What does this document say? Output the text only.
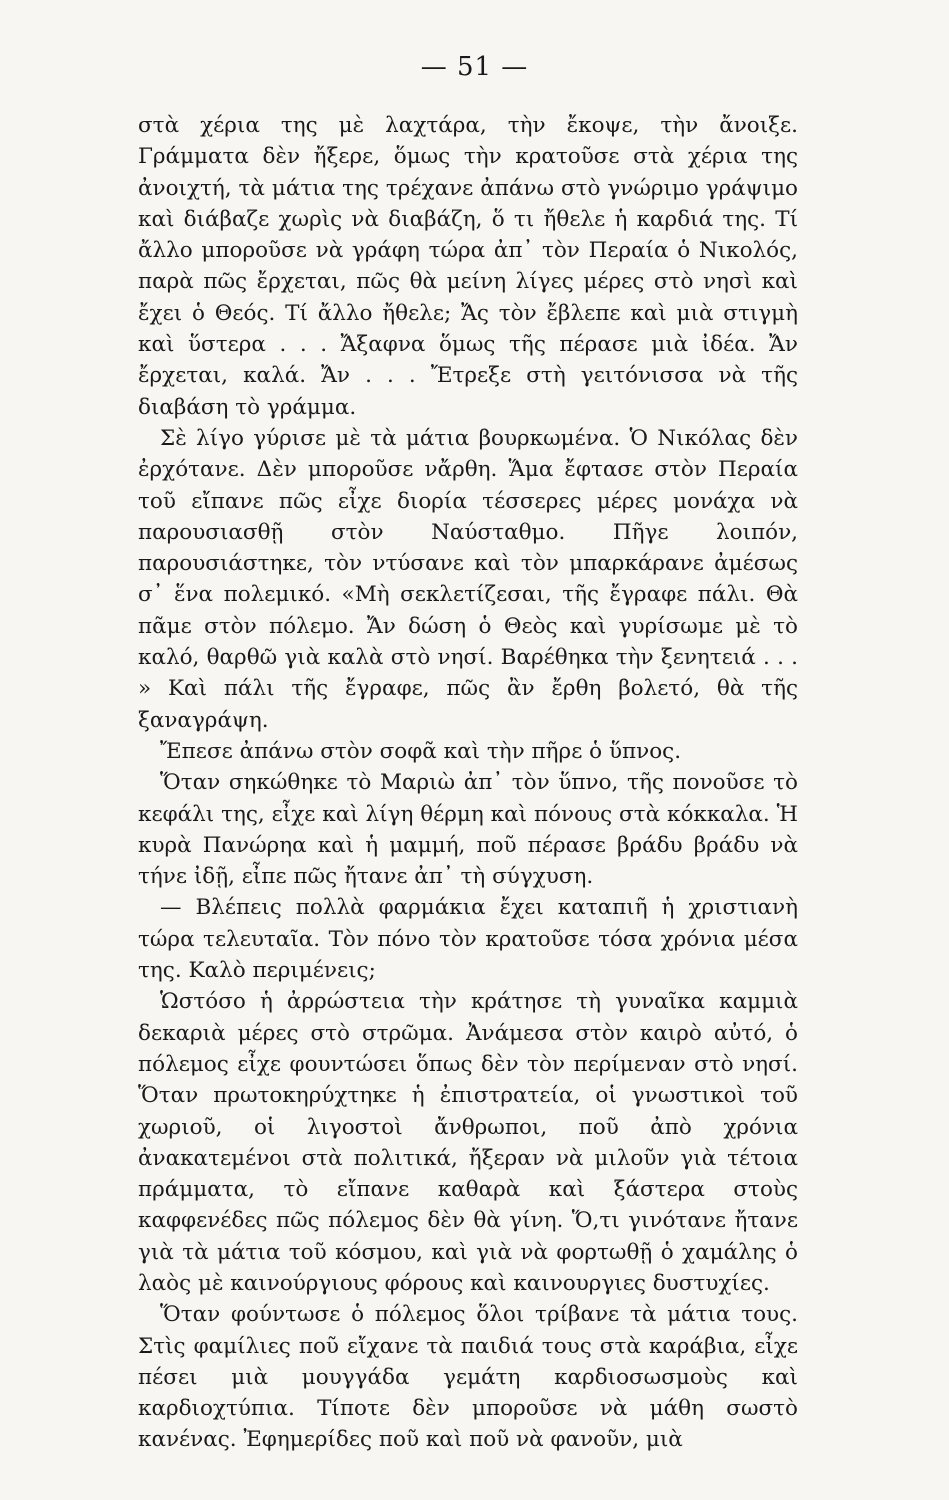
— 51 —

στὰ χέρια της μὲ λαχτάρα, τὴν ἔκοψε, τὴν ἄνοιξε. Γράμματα δὲν ἤξερε, ὅμως τὴν κρατοῦσε στὰ χέρια της ἀνοιχτή, τὰ μάτια της τρέχανε ἀπάνω στὸ γνώριμο γράψιμο καὶ διάβαζε χωρὶς νὰ διαβάζη, ὅ τι ἤθελε ἡ καρδιά της. Τί ἄλλο μποροῦσε νὰ γράφη τώρα ἀπ᾽ τὸν Περαία ὁ Νικολός, παρὰ πῶς ἔρχεται, πῶς θὰ μείνη λίγες μέρες στὸ νησὶ καὶ ἔχει ὁ Θεός. Τί ἄλλο ἤθελε; Ἄς τὸν ἔβλεπε καὶ μιὰ στιγμὴ καὶ ὕστερα . . . Ἄξαφνα ὅμως τῆς πέρασε μιὰ ἰδέα. Ἄν ἔρχεται, καλά. Ἄν . . . Ἔτρεξε στὴ γειτόνισσα νὰ τῆς διαβάση τὸ γράμμα.

Σὲ λίγο γύρισε μὲ τὰ μάτια βουρκωμένα. Ὁ Νικόλας δὲν ἐρχότανε. Δὲν μποροῦσε νἄρθη. Ἅμα ἔφτασε στὸν Περαία τοῦ εἴπανε πῶς εἶχε διορία τέσσερες μέρες μονάχα νὰ παρουσιασθῇ στὸν Ναύσταθμο. Πῆγε λοιπόν, παρουσιάστηκε, τὸν ντύσανε καὶ τὸν μπαρκάρανε ἀμέσως σ᾽ ἕνα πολεμικό. «Μὴ σεκλετίζεσαι, τῆς ἔγραφε πάλι. Θὰ πᾶμε στὸν πόλεμο. Ἄν δώση ὁ Θεὸς καὶ γυρίσωμε μὲ τὸ καλό, θαρθῶ γιὰ καλὰ στὸ νησί. Βαρέθηκα τὴν ξενητειά . . . » Καὶ πάλι τῆς ἔγραφε, πῶς ἂν ἔρθη βολετό, θὰ τῆς ξαναγράψη.

Ἔπεσε ἀπάνω στὸν σοφᾶ καὶ τὴν πῆρε ὁ ὕπνος.

Ὅταν σηκώθηκε τὸ Μαριὼ ἀπ᾽ τὸν ὕπνο, τῆς πονοῦσε τὸ κεφάλι της, εἶχε καὶ λίγη θέρμη καὶ πόνους στὰ κόκκαλα. Ἡ κυρὰ Πανώρηα καὶ ἡ μαμμή, ποῦ πέρασε βράδυ βράδυ νὰ τήνε ἰδῇ, εἶπε πῶς ἤτανε ἀπ᾽ τὴ σύγχυση.

— Βλέπεις πολλὰ φαρμάκια ἔχει καταπιῆ ἡ χριστιανὴ τώρα τελευταῖα. Τὸν πόνο τὸν κρατοῦσε τόσα χρόνια μέσα της. Καλὸ περιμένεις;

Ὡστόσο ἡ ἀρρώστεια τὴν κράτησε τὴ γυναῖκα καμμιὰ δεκαριὰ μέρες στὸ στρῶμα. Ἀνάμεσα στὸν καιρὸ αὐτό, ὁ πόλεμος εἶχε φουντώσει ὅπως δὲν τὸν περίμεναν στὸ νησί. Ὅταν πρωτοκηρύχτηκε ἡ ἐπιστρατεία, οἱ γνωστικοὶ τοῦ χωριοῦ, οἱ λιγοστοὶ ἄνθρωποι, ποῦ ἀπὸ χρόνια ἀνακατεμένοι στὰ πολιτικά, ἤξεραν νὰ μιλοῦν γιὰ τέτοια πράμματα, τὸ εἴπανε καθαρὰ καὶ ξάστερα στοὺς καφφενέδες πῶς πόλεμος δὲν θὰ γίνη. Ὅ,τι γινότανε ἤτανε γιὰ τὰ μάτια τοῦ κόσμου, καὶ γιὰ νὰ φορτωθῇ ὁ χαμάλης ὁ λαὸς μὲ καινούργιους φόρους καὶ καινουργιες δυστυχίες.

Ὅταν φούντωσε ὁ πόλεμος ὅλοι τρίβανε τὰ μάτια τους. Στὶς φαμίλιες ποῦ εἴχανε τὰ παιδιά τους στὰ καράβια, εἶχε πέσει μιὰ μουγγάδα γεμάτη καρδιοσωσμοὺς καὶ καρδιοχτύπια. Τίποτε δὲν μποροῦσε νὰ μάθη σωστὸ κανένας. Ἐφημερίδες ποῦ καὶ ποῦ νὰ φανοῦν, μιὰ
